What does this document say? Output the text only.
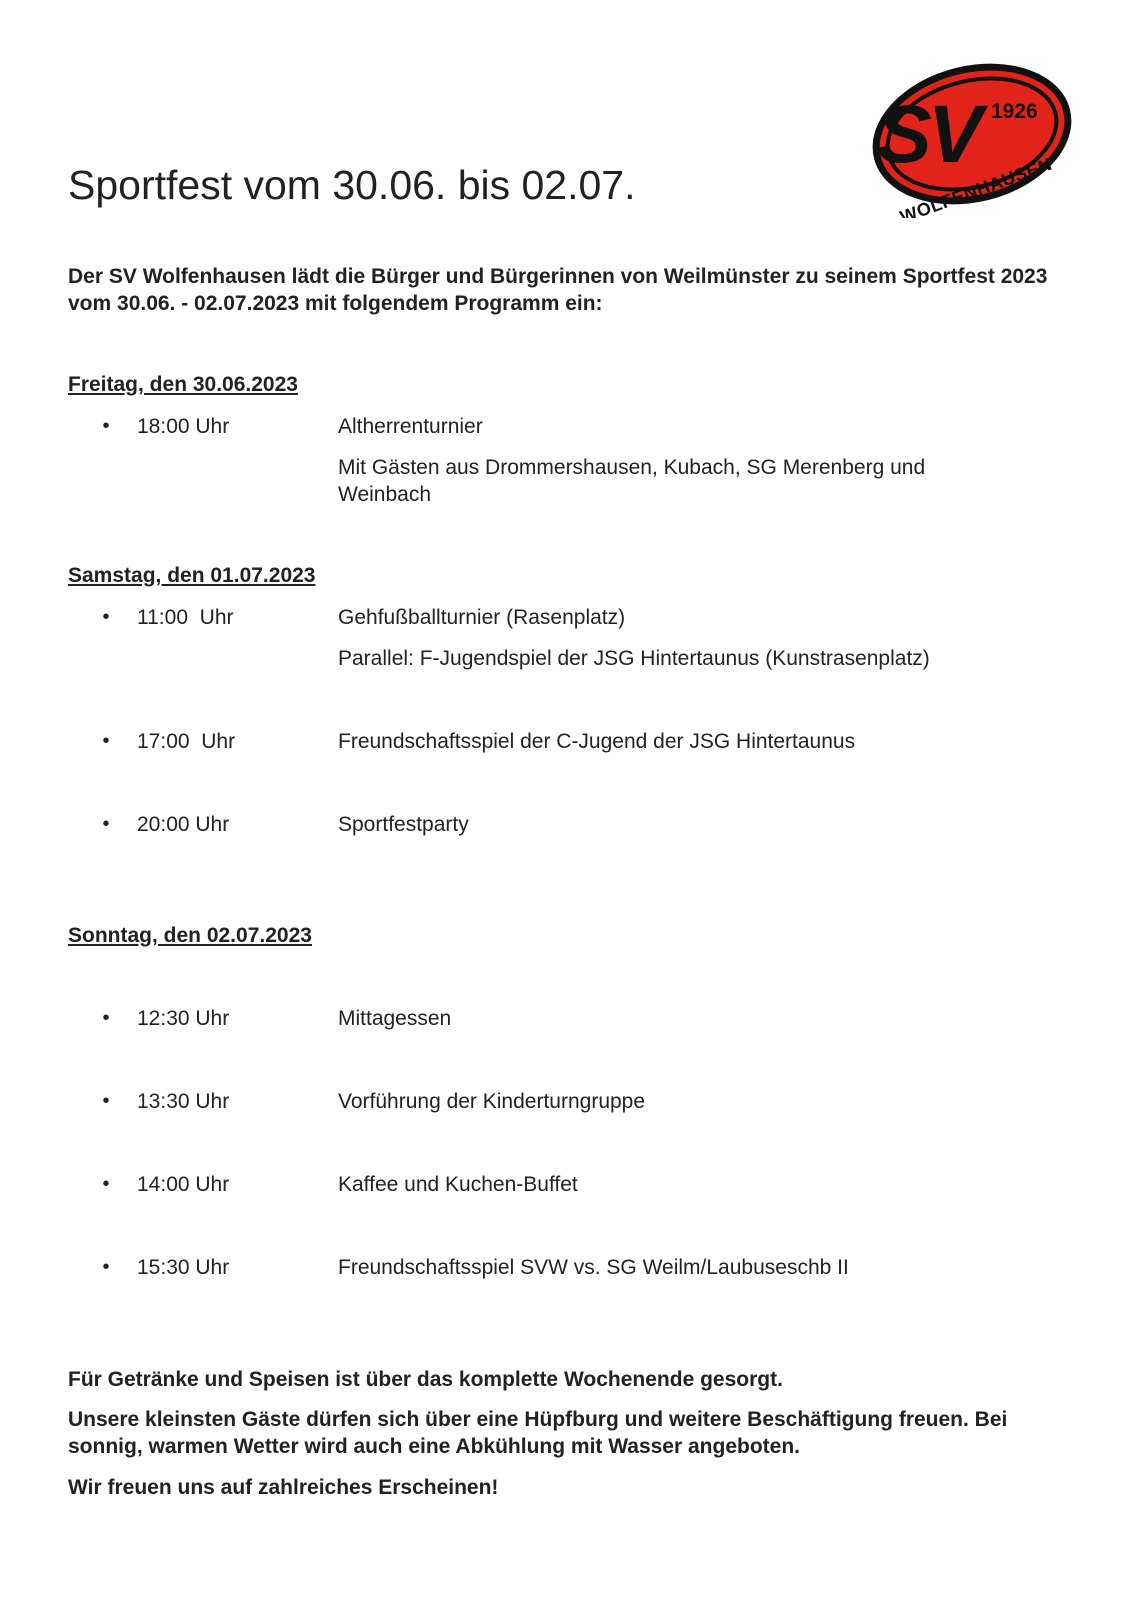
Sportfest vom 30.06. bis 02.07.
SV 1926
WOLFENHAUSEN

Der SV Wolfenhausen lädt die Bürger und Bürgerinnen von Weilmünster zu seinem Sportfest 2023 vom 30.06. - 02.07.2023 mit folgendem Programm ein:

Freitag, den 30.06.2023
• 18:00 Uhr	Altherrenturnier
Mit Gästen aus Drommershausen, Kubach, SG Merenberg und Weinbach
Samstag, den 01.07.2023
• 11:00  Uhr	Gehfußballturnier (Rasenplatz)
Parallel: F-Jugendspiel der JSG Hintertaunus (Kunstrasenplatz)
• 17:00  Uhr	Freundschaftsspiel der C-Jugend der JSG Hintertaunus
• 20:00 Uhr	Sportfestparty
Sonntag, den 02.07.2023
• 12:30 Uhr	Mittagessen
• 13:30 Uhr	Vorführung der Kinderturngruppe
• 14:00 Uhr	Kaffee und Kuchen-Buffet
• 15:30 Uhr	Freundschaftsspiel SVW vs. SG Weilm/Laubuseschb II

Für Getränke und Speisen ist über das komplette Wochenende gesorgt.

Unsere kleinsten Gäste dürfen sich über eine Hüpfburg und weitere Beschäftigung freuen. Bei sonnig, warmen Wetter wird auch eine Abkühlung mit Wasser angeboten.

Wir freuen uns auf zahlreiches Erscheinen!
